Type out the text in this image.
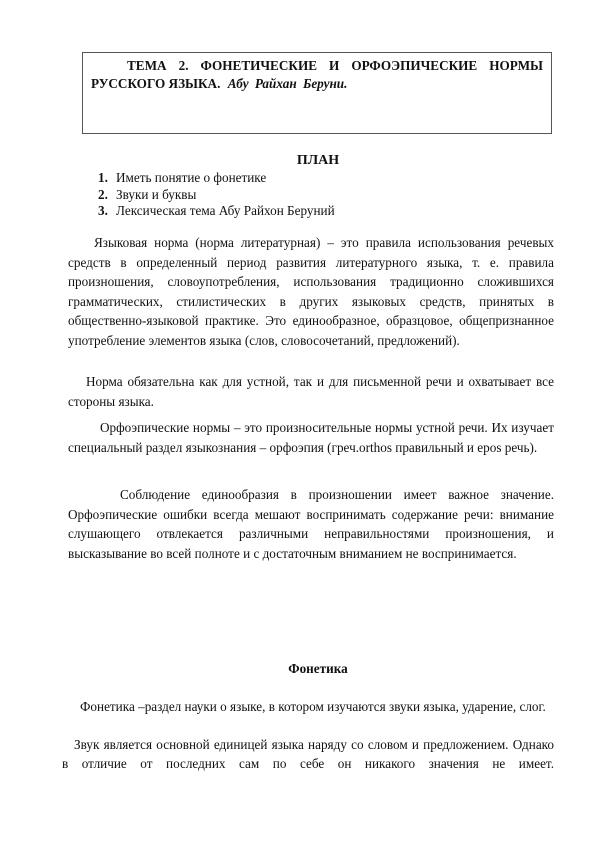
ТЕМА 2. ФОНЕТИЧЕСКИЕ И ОРФОЭПИЧЕСКИЕ НОРМЫ
РУССКОГО ЯЗЫКА. Абу Райхан Беруни.
ПЛАН
1. Иметь понятие о фонетике
2. Звуки и буквы
3. Лексическая тема Абу Райхон Беруний

Языковая норма (норма литературная) – это правила использования речевых средств в определенный период развития литературного языка, т. е. правила произношения, словоупотребления, использования традиционно сложившихся грамматических, стилистических в других языковых средств, принятых в общественно-языковой практике. Это единообразное, образцовое, общепризнанное употребление элементов языка (слов, словосочетаний, предложений).

Норма обязательна как для устной, так и для письменной речи и охватывает все стороны языка.

Орфоэпические нормы – это произносительные нормы устной речи. Их изучает специальный раздел языкознания – орфоэпия (греч.orthos правильный и epos речь).

Соблюдение единообразия в произношении имеет важное значение. Орфоэпические ошибки всегда мешают воспринимать содержание речи: внимание слушающего отвлекается различными неправильностями произношения, и высказывание во всей полноте и с достаточным вниманием не воспринимается.

Фонетика

Фонетика –раздел науки о языке, в котором изучаются звуки языка, ударение, слог.

Звук является основной единицей языка наряду со словом и предложением. Однако в отличие от последних сам по себе он никакого значения не имеет.
